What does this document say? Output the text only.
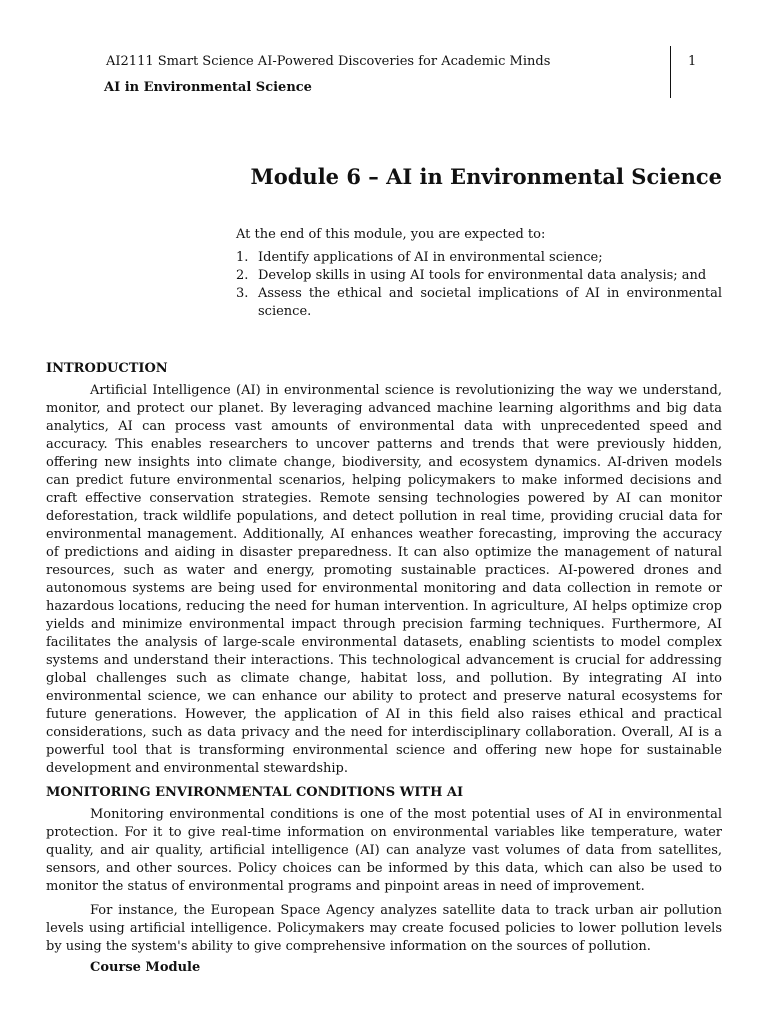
AI2111 Smart Science AI-Powered Discoveries for Academic Minds
AI in Environmental Science
1
Module 6 – AI in Environmental Science

At the end of this module, you are expected to:

1. Identify applications of AI in environmental science;
2. Develop skills in using AI tools for environmental data analysis; and
3. Assess the ethical and societal implications of AI in environmental science.

INTRODUCTION

Artificial Intelligence (AI) in environmental science is revolutionizing the way we understand, monitor, and protect our planet. By leveraging advanced machine learning algorithms and big data analytics, AI can process vast amounts of environmental data with unprecedented speed and accuracy. This enables researchers to uncover patterns and trends that were previously hidden, offering new insights into climate change, biodiversity, and ecosystem dynamics. AI-driven models can predict future environmental scenarios, helping policymakers to make informed decisions and craft effective conservation strategies. Remote sensing technologies powered by AI can monitor deforestation, track wildlife populations, and detect pollution in real time, providing crucial data for environmental management. Additionally, AI enhances weather forecasting, improving the accuracy of predictions and aiding in disaster preparedness. It can also optimize the management of natural resources, such as water and energy, promoting sustainable practices. AI-powered drones and autonomous systems are being used for environmental monitoring and data collection in remote or hazardous locations, reducing the need for human intervention. In agriculture, AI helps optimize crop yields and minimize environmental impact through precision farming techniques. Furthermore, AI facilitates the analysis of large-scale environmental datasets, enabling scientists to model complex systems and understand their interactions. This technological advancement is crucial for addressing global challenges such as climate change, habitat loss, and pollution. By integrating AI into environmental science, we can enhance our ability to protect and preserve natural ecosystems for future generations. However, the application of AI in this field also raises ethical and practical considerations, such as data privacy and the need for interdisciplinary collaboration. Overall, AI is a powerful tool that is transforming environmental science and offering new hope for sustainable development and environmental stewardship.

MONITORING ENVIRONMENTAL CONDITIONS WITH AI

Monitoring environmental conditions is one of the most potential uses of AI in environmental protection. For it to give real-time information on environmental variables like temperature, water quality, and air quality, artificial intelligence (AI) can analyze vast volumes of data from satellites, sensors, and other sources. Policy choices can be informed by this data, which can also be used to monitor the status of environmental programs and pinpoint areas in need of improvement.

For instance, the European Space Agency analyzes satellite data to track urban air pollution levels using artificial intelligence. Policymakers may create focused policies to lower pollution levels by using the system's ability to give comprehensive information on the sources of pollution.

Course Module
